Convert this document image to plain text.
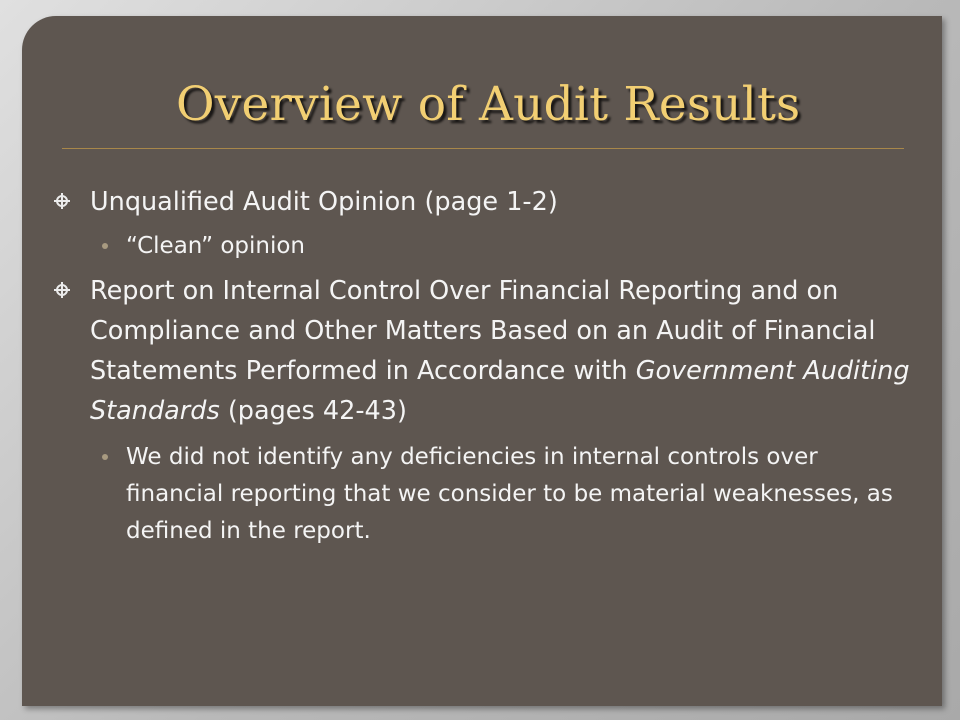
Overview of Audit Results
Unqualified Audit Opinion (page 1-2)
“Clean” opinion
Report on Internal Control Over Financial Reporting and on Compliance and Other Matters Based on an Audit of Financial Statements Performed in Accordance with Government Auditing Standards (pages 42-43)
We did not identify any deficiencies in internal controls over financial reporting that we consider to be material weaknesses, as defined in the report.
